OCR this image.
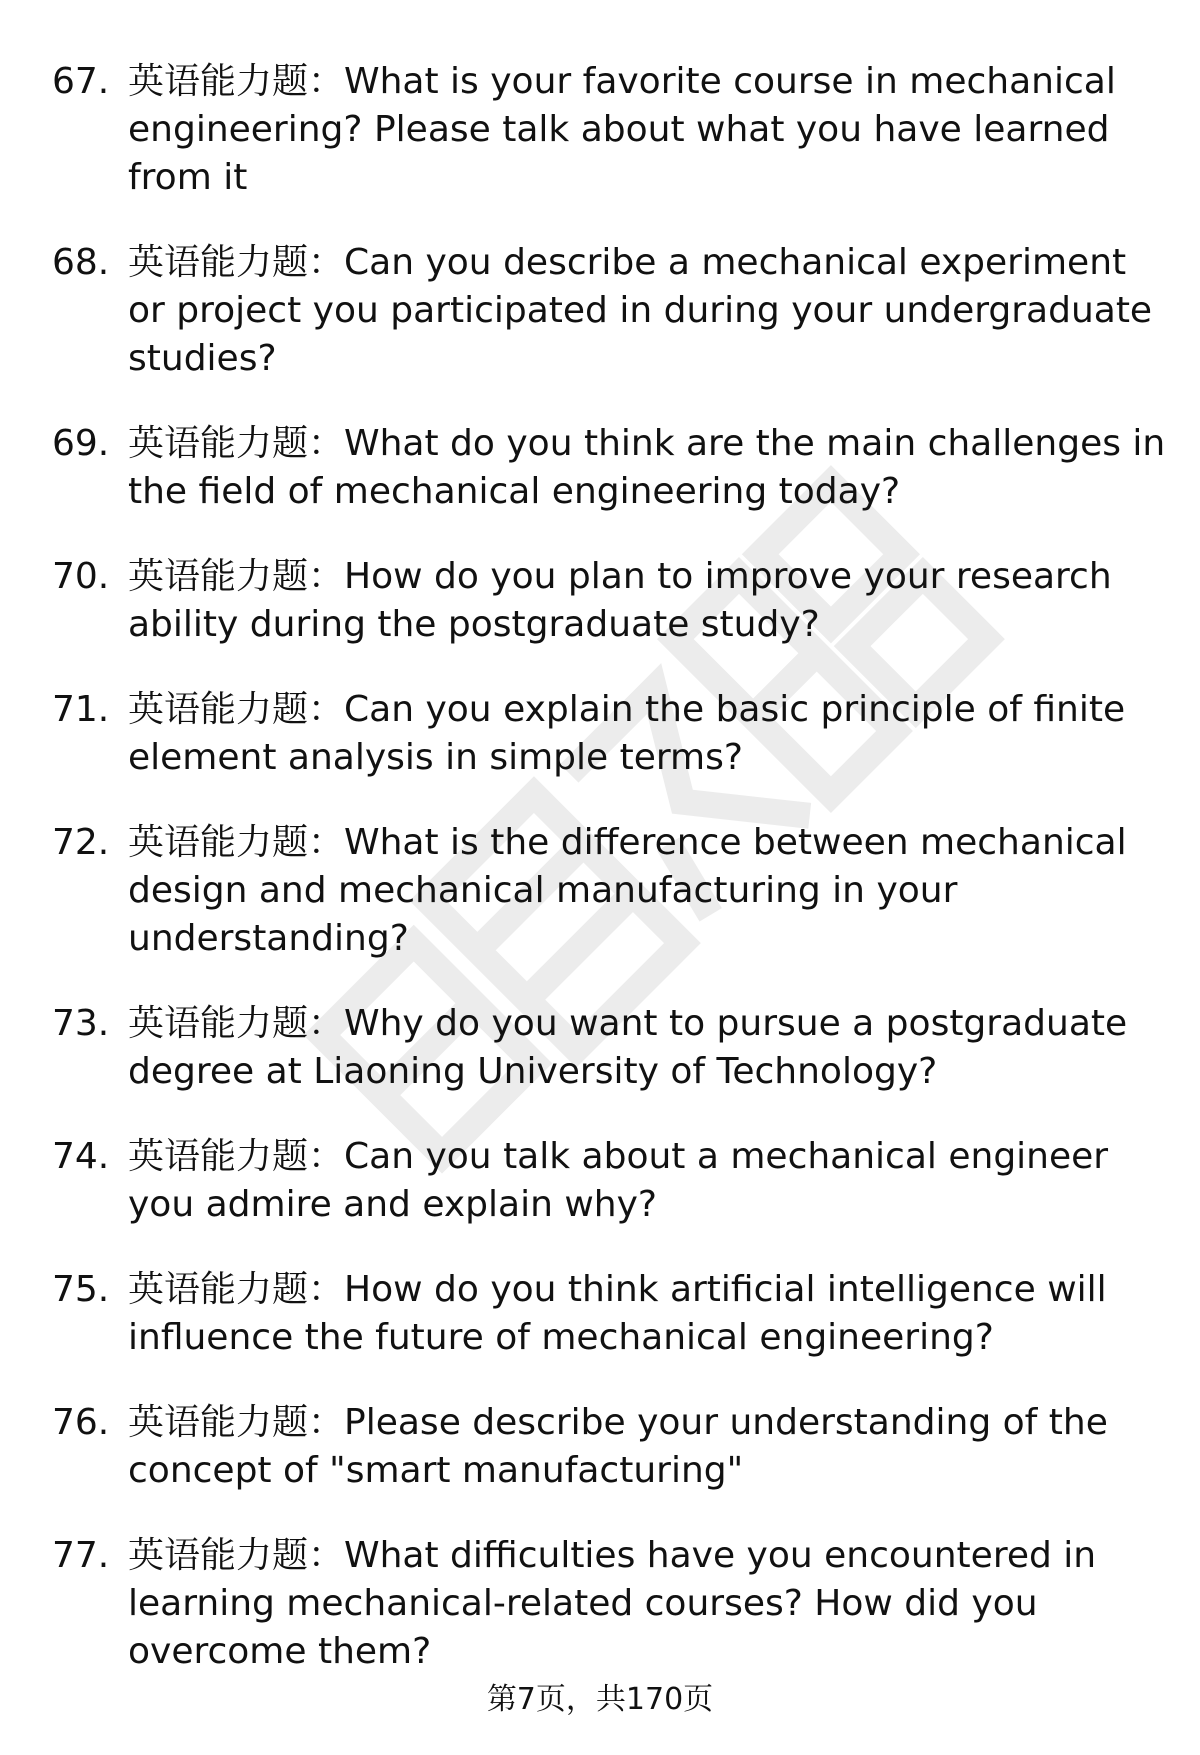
67. 英语能力题：What is your favorite course in mechanical engineering? Please talk about what you have learned from it
68. 英语能力题：Can you describe a mechanical experiment or project you participated in during your undergraduate studies?
69. 英语能力题：What do you think are the main challenges in the field of mechanical engineering today?
70. 英语能力题：How do you plan to improve your research ability during the postgraduate study?
71. 英语能力题：Can you explain the basic principle of finite element analysis in simple terms?
72. 英语能力题：What is the difference between mechanical design and mechanical manufacturing in your understanding?
73. 英语能力题：Why do you want to pursue a postgraduate degree at Liaoning University of Technology?
74. 英语能力题：Can you talk about a mechanical engineer you admire and explain why?
75. 英语能力题：How do you think artificial intelligence will influence the future of mechanical engineering?
76. 英语能力题：Please describe your understanding of the concept of "smart manufacturing"
77. 英语能力题：What difficulties have you encountered in learning mechanical-related courses? How did you overcome them?
第7页，共170页
